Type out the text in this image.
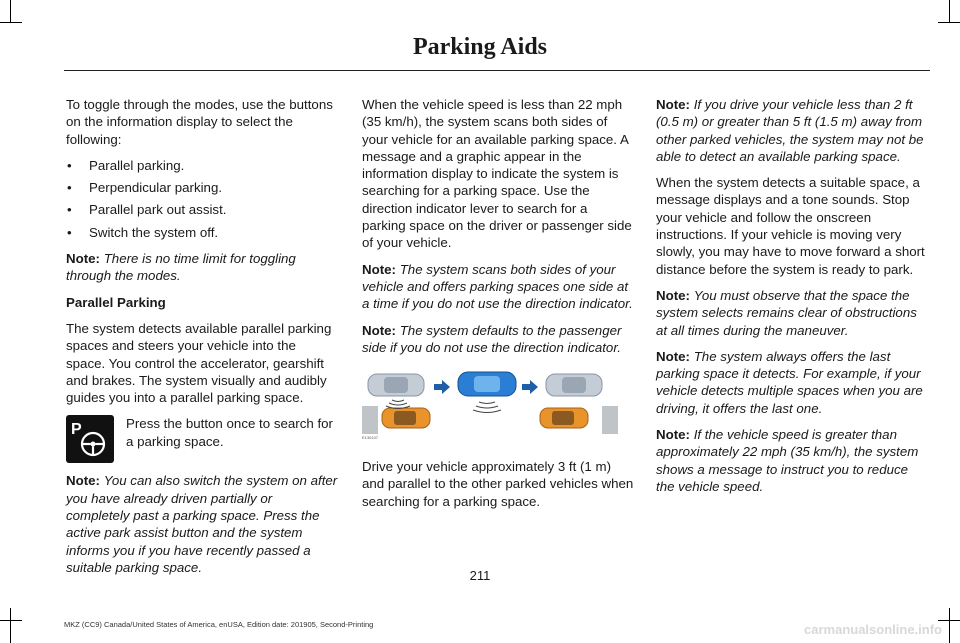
Parking Aids

To toggle through the modes, use the buttons on the information display to select the following:

• Parallel parking.
• Perpendicular parking.
• Parallel park out assist.
• Switch the system off.

Note: There is no time limit for toggling through the modes.

Parallel Parking

The system detects available parallel parking spaces and steers your vehicle into the space. You control the accelerator, gearshift and brakes. The system visually and audibly guides you into a parallel parking space.

P	Press the button once to search for a parking space.

Note: You can also switch the system on after you have already driven partially or completely past a parking space. Press the active park assist button and the system informs you if you have recently passed a suitable parking space.

When the vehicle speed is less than 22 mph (35 km/h), the system scans both sides of your vehicle for an available parking space. A message and a graphic appear in the information display to indicate the system is searching for a parking space. Use the direction indicator lever to search for a parking space on the driver or passenger side of your vehicle.

Note: The system scans both sides of your vehicle and offers parking spaces one side at a time if you do not use the direction indicator.

Note: The system defaults to the passenger side if you do not use the direction indicator.

E130107

Drive your vehicle approximately 3 ft (1 m) and parallel to the other parked vehicles when searching for a parking space.

Note: If you drive your vehicle less than 2 ft (0.5 m) or greater than 5 ft (1.5 m) away from other parked vehicles, the system may not be able to detect an available parking space.

When the system detects a suitable space, a message displays and a tone sounds. Stop your vehicle and follow the onscreen instructions. If your vehicle is moving very slowly, you may have to move forward a short distance before the system is ready to park.

Note: You must observe that the space the system selects remains clear of obstructions at all times during the maneuver.

Note: The system always offers the last parking space it detects. For example, if your vehicle detects multiple spaces when you are driving, it offers the last one.

Note: If the vehicle speed is greater than approximately 22 mph (35 km/h), the system shows a message to instruct you to reduce the vehicle speed.

211
MKZ (CC9) Canada/United States of America, enUSA, Edition date: 201905, Second-Printing	carmanualsonline.info
